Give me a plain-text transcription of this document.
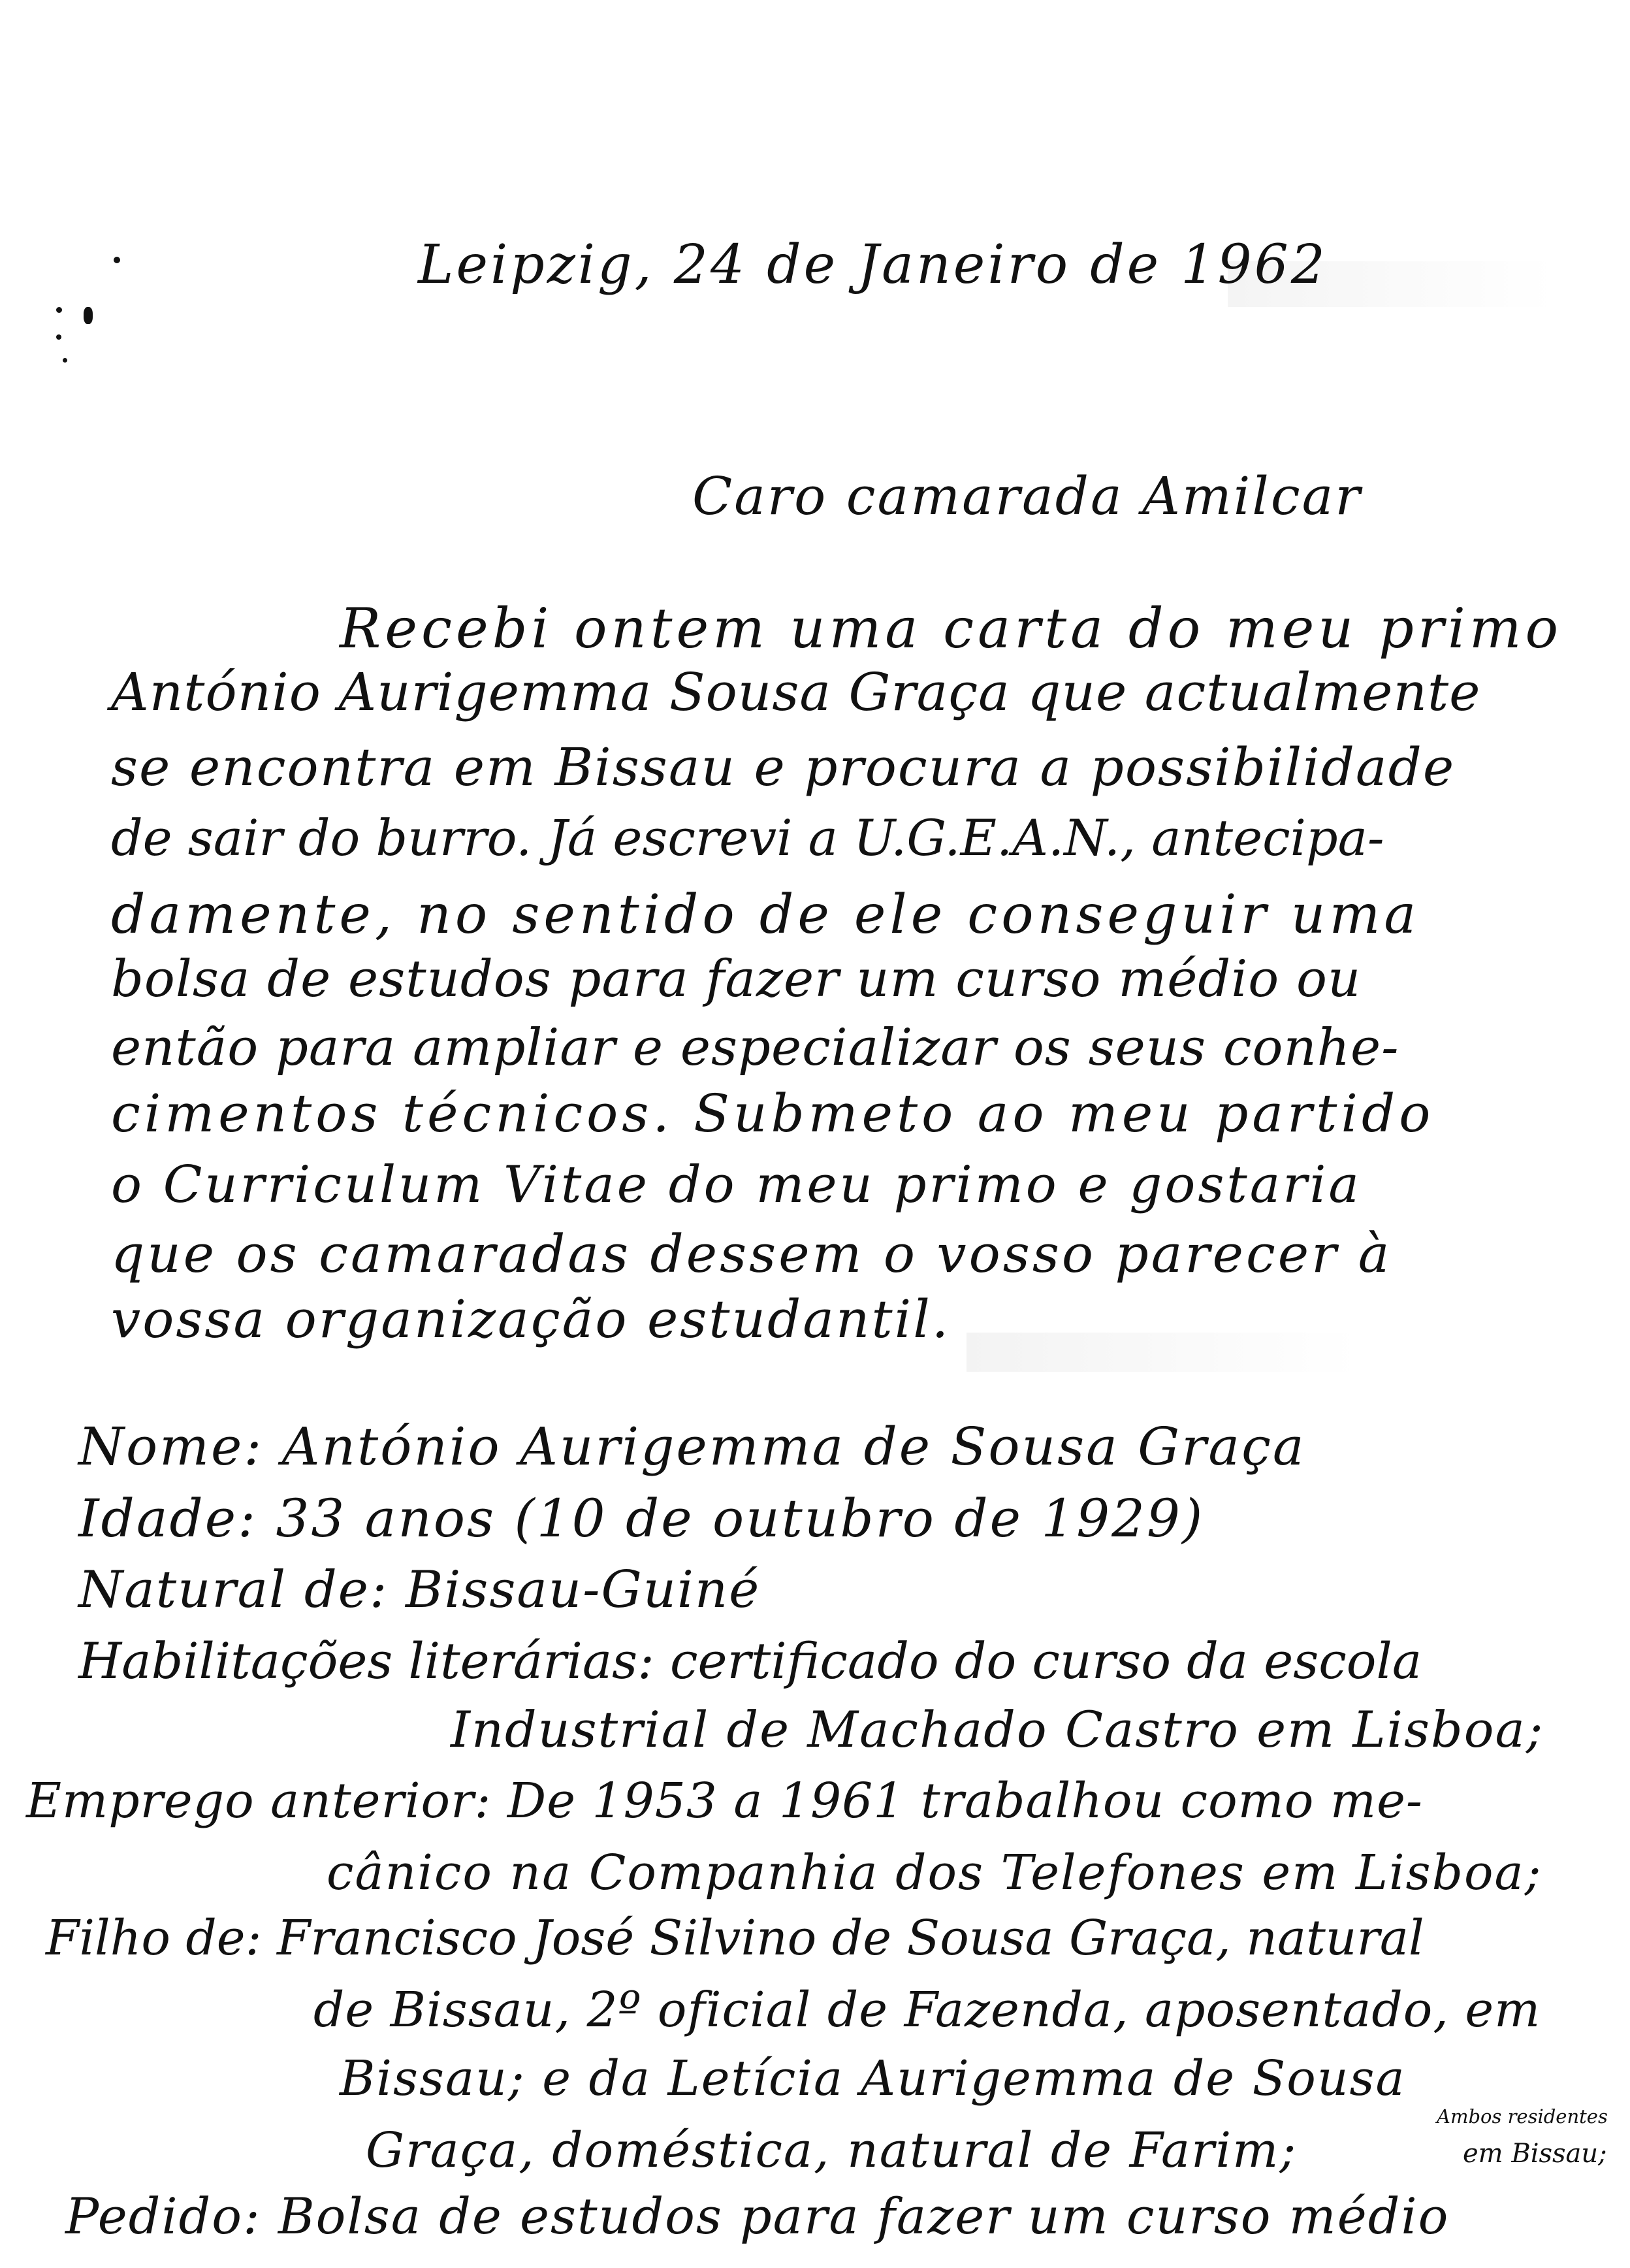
Leipzig, 24 de Janeiro de 1962
Caro camarada Amilcar
Recebi ontem uma carta do meu primo
António Aurigemma Sousa Graça que actualmente
se encontra em Bissau e procura a possibilidade
de sair do burro. Já escrevi a U.G.E.A.N., antecipa-
damente, no sentido de ele conseguir uma
bolsa de estudos para fazer um curso médio ou
então para ampliar e especializar os seus conhe-
cimentos técnicos. Submeto ao meu partido
o Curriculum Vitae do meu primo e gostaria
que os camaradas dessem o vosso parecer à
vossa organização estudantil.
Nome: António Aurigemma de Sousa Graça
Idade: 33 anos (10 de outubro de 1929)
Natural de: Bissau-Guiné
Habilitações literárias: certificado do curso da escola
Industrial de Machado Castro em Lisboa;
Emprego anterior: De 1953 a 1961 trabalhou como me-
cânico na Companhia dos Telefones em Lisboa;
Filho de: Francisco José Silvino de Sousa Graça, natural
de Bissau, 2º oficial de Fazenda, aposentado, em
Bissau; e da Letícia Aurigemma de Sousa
Graça, doméstica, natural de Farim;
Ambos residentes
em Bissau;
Pedido: Bolsa de estudos para fazer um curso médio
